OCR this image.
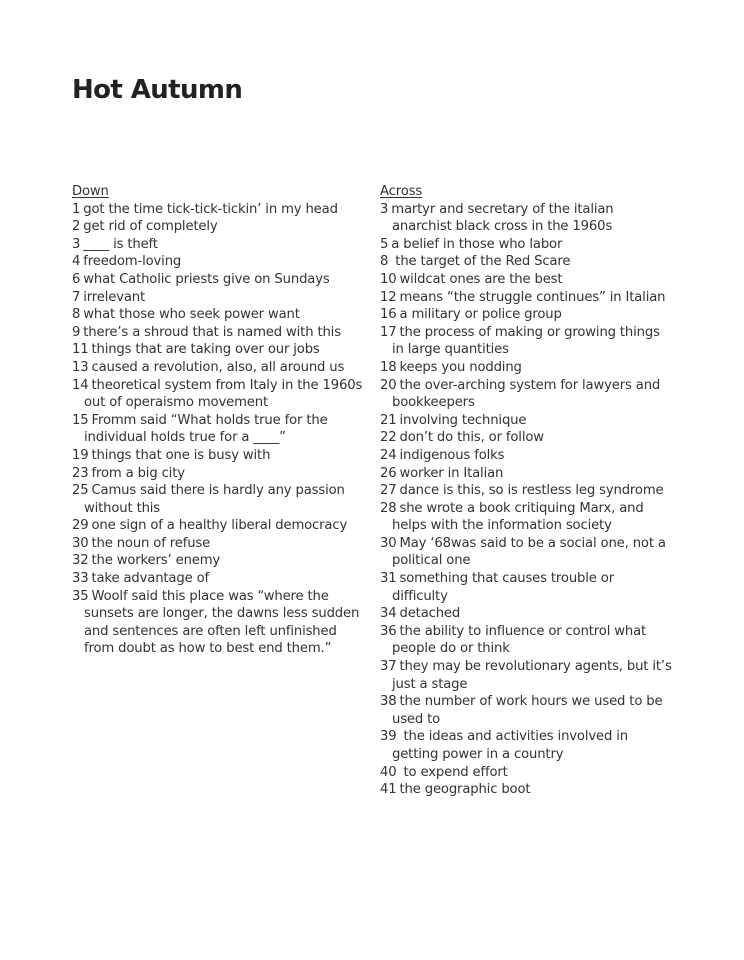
Hot Autumn
Down
1 got the time tick-tick-tickin’ in my head
2 get rid of completely
3 ____ is theft
4 freedom-loving
6 what Catholic priests give on Sundays
7 irrelevant
8 what those who seek power want
9 there’s a shroud that is named with this
11 things that are taking over our jobs
13 caused a revolution, also, all around us
14 theoretical system from Italy in the 1960s out of operaismo movement
15 Fromm said “What holds true for the individual holds true for a ____”
19 things that one is busy with
23 from a big city
25 Camus said there is hardly any passion without this
29 one sign of a healthy liberal democracy
30 the noun of refuse
32 the workers’ enemy
33 take advantage of
35 Woolf said this place was “where the sunsets are longer, the dawns less sudden and sentences are often left unfinished from doubt as how to best end them.”
Across
3 martyr and secretary of the italian anarchist black cross in the 1960s
5 a belief in those who labor
8 the target of the Red Scare
10 wildcat ones are the best
12 means “the struggle continues” in Italian
16 a military or police group
17 the process of making or growing things in large quantities
18 keeps you nodding
20 the over-arching system for lawyers and bookkeepers
21 involving technique
22 don’t do this, or follow
24 indigenous folks
26 worker in Italian
27 dance is this, so is restless leg syndrome
28 she wrote a book critiquing Marx, and helps with the information society
30 May ‘68was said to be a social one, not a political one
31 something that causes trouble or difficulty
34 detached
36 the ability to influence or control what people do or think
37 they may be revolutionary agents, but it’s just a stage
38 the number of work hours we used to be used to
39 the ideas and activities involved in getting power in a country
40 to expend effort
41 the geographic boot
